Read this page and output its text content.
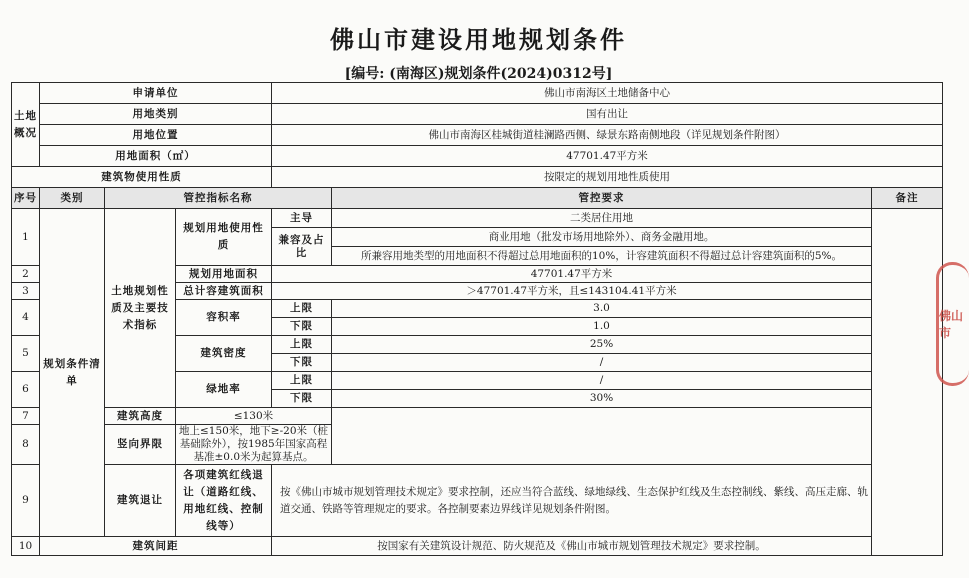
佛山市建设用地规划条件
[编号: (南海区)规划条件(2024)0312号]
土地概况	申请单位			佛山市南海区土地储备中心		
	用地类别			国有出让		
	用地位置			佛山市南海区桂城街道桂澜路西侧、绿景东路南侧地段（详见规划条件附图）		
	用地面积（㎡）			47701.47平方米		
建筑物使用性质				按限定的规划用地性质使用		
序号	类别	管控指标名称			管控要求	备注
1	规划条件清单	土地规划性质及主要技术指标	规划用地使用性质	主导	二类居住用地	
				兼容及占比	商业用地（批发市场用地除外）、商务金融用地。	
					所兼容用地类型的用地面积不得超过总用地面积的10%，计容建筑面积不得超过总计容建筑面积的5%。	
2			规划用地面积	47701.47平方米		
3			总计容建筑面积	＞47701.47平方米，且≤143104.41平方米		
4			容积率	上限	3.0	
				下限	1.0	
5			建筑密度	上限	25%	
				下限	/	
6			绿地率	上限	/	
				下限	30%	
7		建筑高度	≤130米			
8		竖向界限	地上≤150米，地下≥-20米（桩基础除外），按1985年国家高程基准±0.0米为起算基点。			
9		建筑退让	各项建筑红线退让（道路红线、用地红线、控制线等）	按《佛山市城市规划管理技术规定》要求控制，还应当符合蓝线、绿地绿线、生态保护红线及生态控制线、紫线、高压走廊、轨道交通、铁路等管理规定的要求。各控制要素边界线详见规划条件附图。		
10	建筑间距			按国家有关建筑设计规范、防火规范及《佛山市城市规划管理技术规定》要求控制。		
佛山市
